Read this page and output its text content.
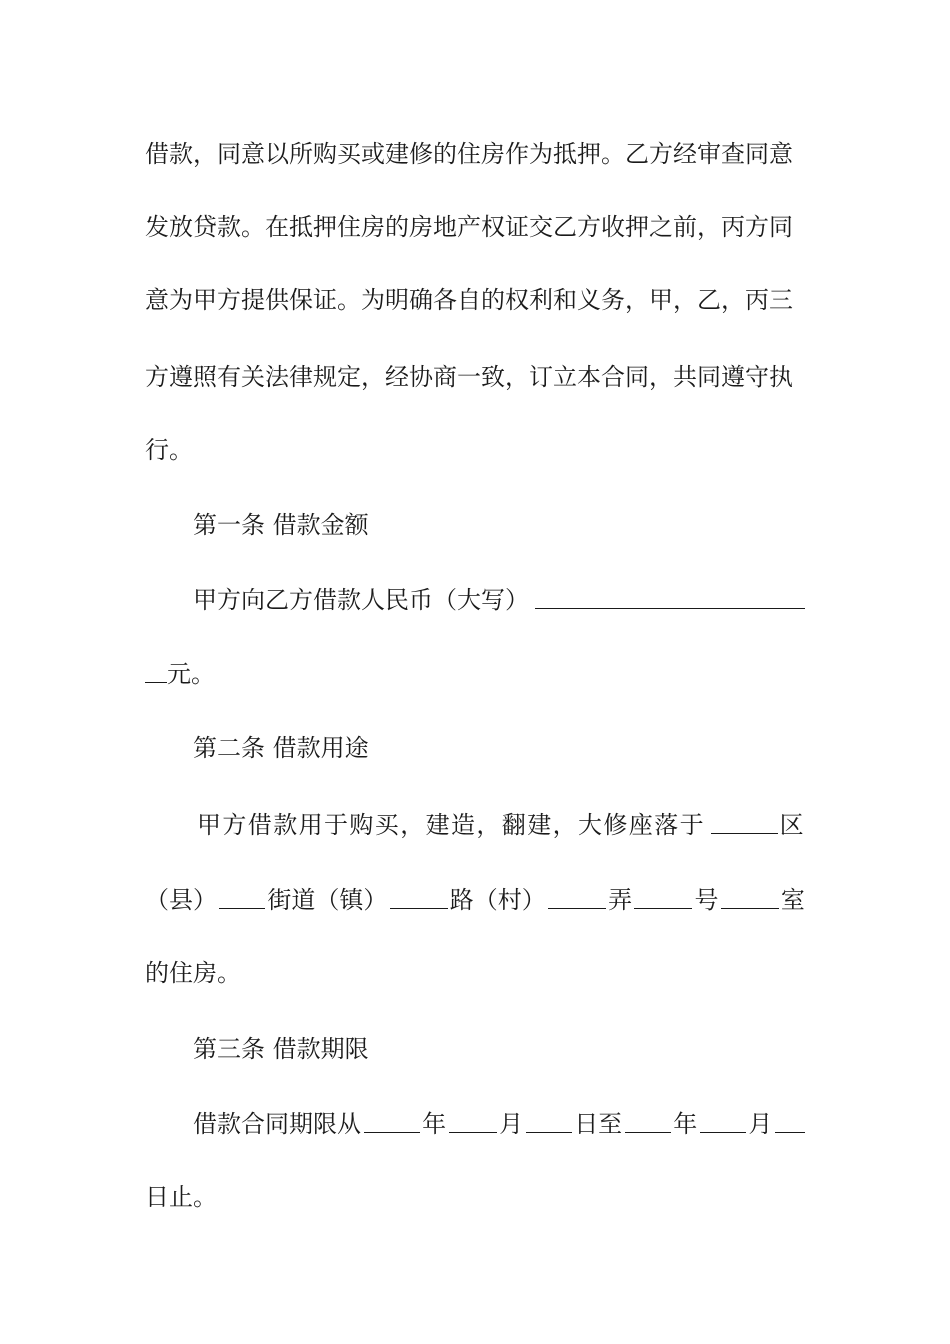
借款，同意以所购买或建修的住房作为抵押。乙方经审查同意
发放贷款。在抵押住房的房地产权证交乙方收押之前，丙方同
意为甲方提供保证。为明确各自的权利和义务，甲，乙，丙三
方遵照有关法律规定，经协商一致，订立本合同，共同遵守执
行。
第一条 借款金额
甲方向乙方借款人民币（大写）
元。
第二条 借款用途
甲方借款用于购买，建造，翻建，大修座落于	区
（县） 街道（镇）	路（村）	弄	号	室
的住房。
第三条 借款期限
借款合同期限从	年 月 日至 年 月
日止。
